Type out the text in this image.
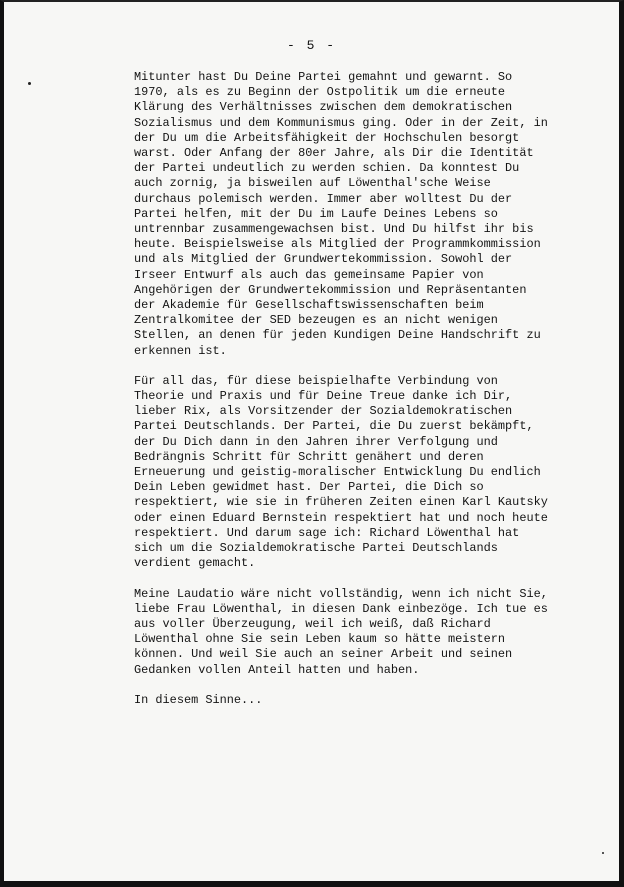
- 5 -
Mitunter hast Du Deine Partei gemahnt und gewarnt. So
1970, als es zu Beginn der Ostpolitik um die erneute
Klärung des Verhältnisses zwischen dem demokratischen
Sozialismus und dem Kommunismus ging. Oder in der Zeit, in
der Du um die Arbeitsfähigkeit der Hochschulen besorgt
warst. Oder Anfang der 80er Jahre, als Dir die Identität
der Partei undeutlich zu werden schien. Da konntest Du
auch zornig, ja bisweilen auf Löwenthal'sche Weise
durchaus polemisch werden. Immer aber wolltest Du der
Partei helfen, mit der Du im Laufe Deines Lebens so
untrennbar zusammengewachsen bist. Und Du hilfst ihr bis
heute. Beispielsweise als Mitglied der Programmkommission
und als Mitglied der Grundwertekommission. Sowohl der
Irseer Entwurf als auch das gemeinsame Papier von
Angehörigen der Grundwertekommission und Repräsentanten
der Akademie für Gesellschaftswissenschaften beim
Zentralkomitee der SED bezeugen es an nicht wenigen
Stellen, an denen für jeden Kundigen Deine Handschrift zu
erkennen ist.
Für all das, für diese beispielhafte Verbindung von
Theorie und Praxis und für Deine Treue danke ich Dir,
lieber Rix, als Vorsitzender der Sozialdemokratischen
Partei Deutschlands. Der Partei, die Du zuerst bekämpft,
der Du Dich dann in den Jahren ihrer Verfolgung und
Bedrängnis Schritt für Schritt genähert und deren
Erneuerung und geistig-moralischer Entwicklung Du endlich
Dein Leben gewidmet hast. Der Partei, die Dich so
respektiert, wie sie in früheren Zeiten einen Karl Kautsky
oder einen Eduard Bernstein respektiert hat und noch heute
respektiert. Und darum sage ich: Richard Löwenthal hat
sich um die Sozialdemokratische Partei Deutschlands
verdient gemacht.
Meine Laudatio wäre nicht vollständig, wenn ich nicht Sie,
liebe Frau Löwenthal, in diesen Dank einbezöge. Ich tue es
aus voller Überzeugung, weil ich weiß, daß Richard
Löwenthal ohne Sie sein Leben kaum so hätte meistern
können. Und weil Sie auch an seiner Arbeit und seinen
Gedanken vollen Anteil hatten und haben.
In diesem Sinne...
